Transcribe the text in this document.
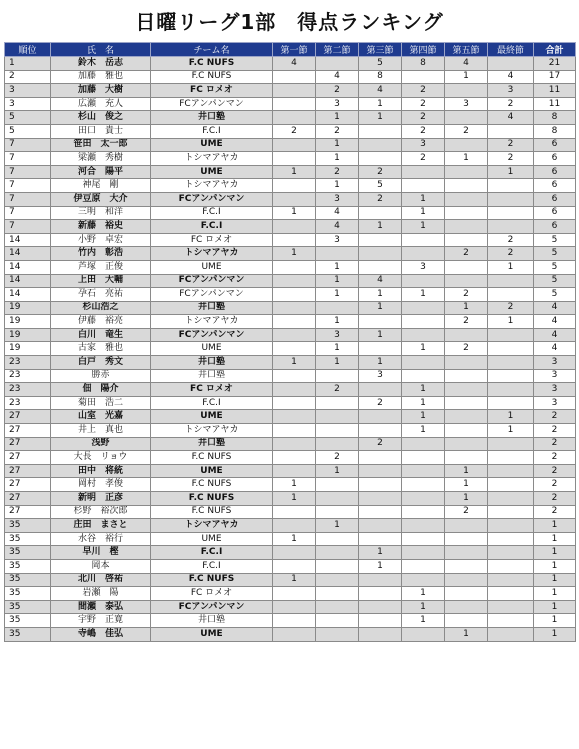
日曜リーグ1部　得点ランキング
順位	氏　名	チーム名	第一節	第二節	第三節	第四節	第五節	最終節	合計
1	鈴木　岳志	F.C NUFS	4		5	8	4		21
2	加藤　雅也	F.C NUFS		4	8		1	4	17
3	加藤　大樹	FC ロメオ		2	4	2		3	11
3	広瀬　充人	FCアンパンマン		3	1	2	3	2	11
5	杉山　俊之	井口塾		1	1	2		4	8
5	田口　貴士	F.C.I	2	2		2	2		8
7	笹田　太一郎	UME		1		3		2	6
7	梁瀬　秀樹	トシマアヤカ		1		2	1	2	6
7	河合　陽平	UME	1	2	2			1	6
7	神尾　剛	トシマアヤカ		1	5				6
7	伊豆原　大介	FCアンパンマン		3	2	1			6
7	三明　和洋	F.C.I	1	4		1			6
7	新藤　裕史	F.C.I		4	1	1			6
14	小野　卓宏	FC ロメオ		3				2	5
14	竹内　彰浩	トシマアヤカ	1				2	2	5
14	芦塚　正俊	UME		1		3		1	5
14	上田　大輔	FCアンパンマン		1	4				5
14	孕石　亮祐	FCアンパンマン		1	1	1	2		5
19	杉山浩之	井口塾			1		1	2	4
19	伊藤　裕亮	トシマアヤカ		1			2	1	4
19	白川　竜生	FCアンパンマン		3	1				4
19	古家　雅也	UME		1		1	2		4
23	白戸　秀文	井口塾	1	1	1				3
23	勝赤	井口塾			3				3
23	佃　陽介	FC ロメオ		2		1			3
23	菊田　浩二	F.C.I			2	1			3
27	山室　光嘉	UME				1		1	2
27	井上　真也	トシマアヤカ				1		1	2
27	浅野	井口塾			2				2
27	大長　リョウ	F.C NUFS		2					2
27	田中　将統	UME		1			1		2
27	岡村　孝俊	F.C NUFS	1				1		2
27	新明　正彦	F.C NUFS	1				1		2
27	杉野　裕次郎	F.C NUFS					2		2
35	庄田　まさと	トシマアヤカ		1					1
35	水谷　裕行	UME	1						1
35	早川　樫	F.C.I			1				1
35	岡本	F.C.I			1				1
35	北川　啓祐	F.C NUFS	1						1
35	岩瀬　陽	FC ロメオ				1			1
35	間瀬　泰弘	FCアンパンマン				1			1
35	宇野　正寛	井口塾				1			1
35	寺嶋　佳弘	UME					1		1
